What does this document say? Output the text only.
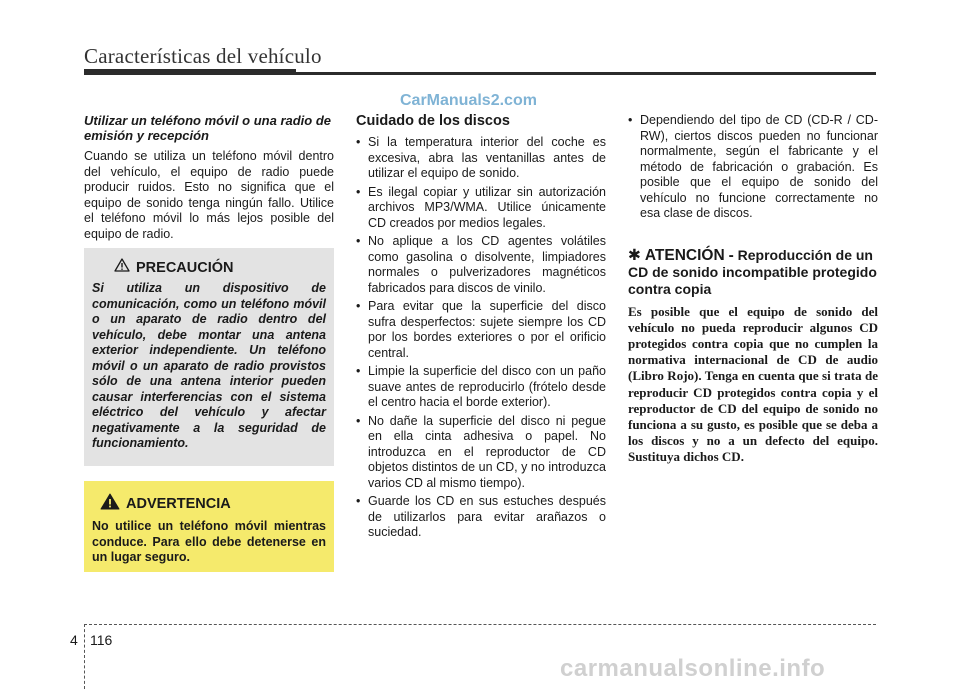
Características del vehículo
CarManuals2.com

Utilizar un teléfono móvil o una radio de emisión y recepción

Cuando se utiliza un teléfono móvil dentro del vehículo, el equipo de radio puede producir ruidos. Esto no significa que el equipo de sonido tenga ningún fallo. Utilice el teléfono móvil lo más lejos posible del equipo de radio.

PRECAUCIÓN

Si utiliza un dispositivo de comunicación, como un teléfono móvil o un aparato de radio dentro del vehículo, debe montar una antena exterior independiente. Un teléfono móvil o un aparato de radio provistos sólo de una antena interior pueden causar interferencias con el sistema eléctrico del vehículo y afectar negativamente a la seguridad de funcionamiento.

ADVERTENCIA

No utilice un teléfono móvil mientras conduce. Para ello debe detenerse en un lugar seguro.

Cuidado de los discos

• Si la temperatura interior del coche es excesiva, abra las ventanillas antes de utilizar el equipo de sonido.
• Es ilegal copiar y utilizar sin autorización archivos MP3/WMA. Utilice únicamente CD creados por medios legales.
• No aplique a los CD agentes volátiles como gasolina o disolvente, limpiadores normales o pulverizadores magnéticos fabricados para discos de vinilo.
• Para evitar que la superficie del disco sufra desperfectos: sujete siempre los CD por los bordes exteriores o por el orificio central.
• Limpie la superficie del disco con un paño suave antes de reproducirlo (frótelo desde el centro hacia el borde exterior).
• No dañe la superficie del disco ni pegue en ella cinta adhesiva o papel. No introduzca en el reproductor de CD objetos distintos de un CD, y no introduzca varios CD al mismo tiempo).
• Guarde los CD en sus estuches después de utilizarlos para evitar arañazos o suciedad.
• Dependiendo del tipo de CD (CD-R / CD-RW), ciertos discos pueden no funcionar normalmente, según el fabricante y el método de fabricación o grabación. Es posible que el equipo de sonido del vehículo no funcione correctamente no esa clase de discos.

✱ ATENCIÓN - Reproducción de un CD de sonido incompatible protegido contra copia

Es posible que el equipo de sonido del vehículo no pueda reproducir algunos CD protegidos contra copia que no cumplen la normativa internacional de CD de audio (Libro Rojo). Tenga en cuenta que si trata de reproducir CD protegidos contra copia y el reproductor de CD del equipo de sonido no funciona a su gusto, es posible que se deba a los discos y no a un defecto del equipo. Sustituya dichos CD.

4 116
carmanualsonline.info
